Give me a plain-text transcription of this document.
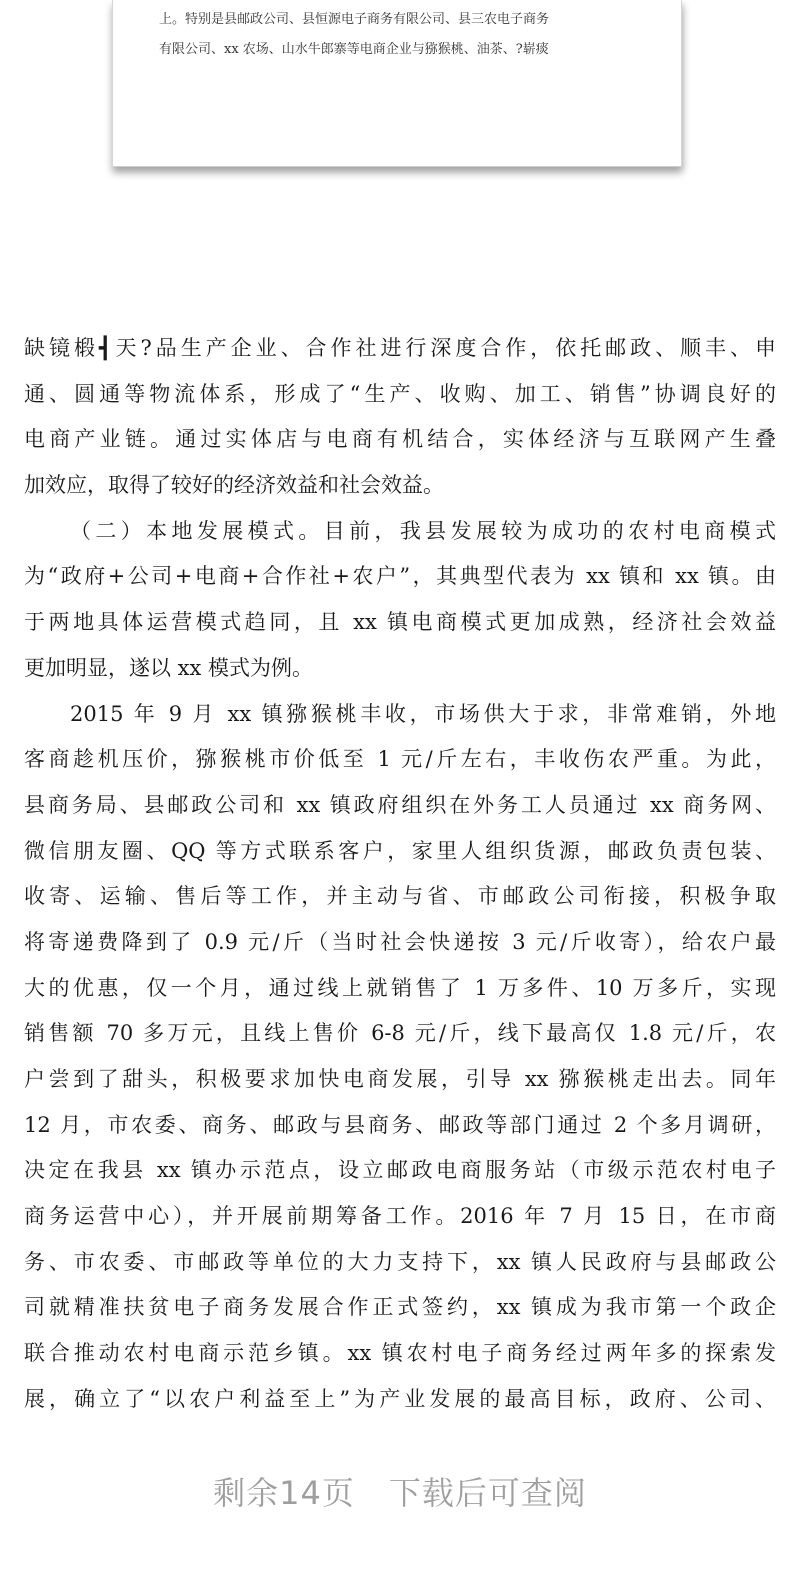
上。特别是县邮政公司、县恒源电子商务有限公司、县三农电子商务
有限公司、xx 农场、山水牛郎寨等电商企业与猕猴桃、油茶、?崭痰
缺镜椴┫天?品生产企业、合作社进行深度合作，依托邮政、顺丰、申
通、圆通等物流体系，形成了“生产、收购、加工、销售”协调良好的
电商产业链。通过实体店与电商有机结合，实体经济与互联网产生叠
加效应，取得了较好的经济效益和社会效益。
（二）本地发展模式。目前，我县发展较为成功的农村电商模式
为“政府+公司+电商+合作社+农户”，其典型代表为 xx 镇和 xx 镇。由
于两地具体运营模式趋同，且 xx 镇电商模式更加成熟，经济社会效益
更加明显，遂以 xx 模式为例。
2015 年 9 月 xx 镇猕猴桃丰收，市场供大于求，非常难销，外地
客商趁机压价，猕猴桃市价低至 1 元/斤左右，丰收伤农严重。为此，
县商务局、县邮政公司和 xx 镇政府组织在外务工人员通过 xx 商务网、
微信朋友圈、QQ 等方式联系客户，家里人组织货源，邮政负责包装、
收寄、运输、售后等工作，并主动与省、市邮政公司衔接，积极争取
将寄递费降到了 0.9 元/斤（当时社会快递按 3 元/斤收寄），给农户最
大的优惠，仅一个月，通过线上就销售了 1 万多件、10 万多斤，实现
销售额 70 多万元，且线上售价 6-8 元/斤，线下最高仅 1.8 元/斤，农
户尝到了甜头，积极要求加快电商发展，引导 xx 猕猴桃走出去。同年
12 月，市农委、商务、邮政与县商务、邮政等部门通过 2 个多月调研，
决定在我县 xx 镇办示范点，设立邮政电商服务站（市级示范农村电子
商务运营中心），并开展前期筹备工作。2016 年 7 月 15 日，在市商
务、市农委、市邮政等单位的大力支持下，xx 镇人民政府与县邮政公
司就精准扶贫电子商务发展合作正式签约，xx 镇成为我市第一个政企
联合推动农村电商示范乡镇。xx 镇农村电子商务经过两年多的探索发
展，确立了“以农户利益至上”为产业发展的最高目标，政府、公司、
剩余14页 下载后可查阅
